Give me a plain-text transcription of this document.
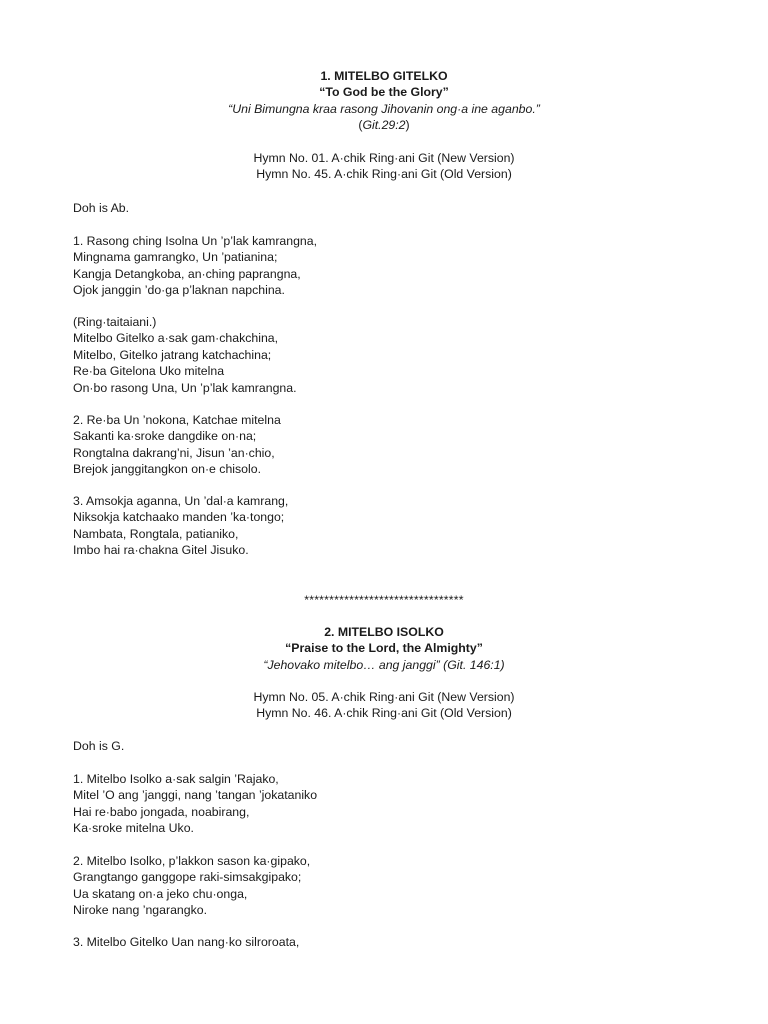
1. MITELBO GITELKO
“To God be the Glory”
“Uni Bimungna kraa rasong Jihovanin ong·a ine aganbo.”
(Git.29:2)
Hymn No. 01. A·chik Ring·ani Git (New Version)
Hymn No. 45. A·chik Ring·ani Git (Old Version)
Doh is Ab.
1. Rasong ching Isolna Un ’p’lak kamrangna,
Mingnama gamrangko, Un ’patianina;
Kangja Detangkoba, an·ching paprangna,
Ojok janggin ’do·ga p’laknan napchina.
(Ring·taitaiani.)
Mitelbo Gitelko a·sak gam·chakchina,
Mitelbo, Gitelko jatrang katchachina;
Re·ba Gitelona Uko mitelna
On·bo rasong Una, Un ’p’lak kamrangna.
2. Re·ba Un ’nokona, Katchae mitelna
Sakanti ka·sroke dangdike on·na;
Rongtalna dakrang’ni, Jisun ’an·chio,
Brejok janggitangkon on·e chisolo.
3. Amsokja aganna, Un ’dal·a kamrang,
Niksokja katchaako manden ’ka·tongo;
Nambata, Rongtala, patianiko,
Imbo hai ra·chakna Gitel Jisuko.
********************************
2. MITELBO ISOLKO
“Praise to the Lord, the Almighty”
“Jehovako mitelbo… ang janggi” (Git. 146:1)
Hymn No. 05. A·chik Ring·ani Git (New Version)
Hymn No. 46. A·chik Ring·ani Git (Old Version)
Doh is G.
1. Mitelbo Isolko a·sak salgin ’Rajako,
Mitel ’O ang ’janggi, nang ’tangan ’jokataniko
Hai re·babo jongada, noabirang,
Ka·sroke mitelna Uko.
2. Mitelbo Isolko, p’lakkon sason ka·gipako,
Grangtango ganggope raki-simsakgipako;
Ua skatang on·a jeko chu·onga,
Niroke nang ’ngarangko.
3. Mitelbo Gitelko Uan nang·ko silroroata,
